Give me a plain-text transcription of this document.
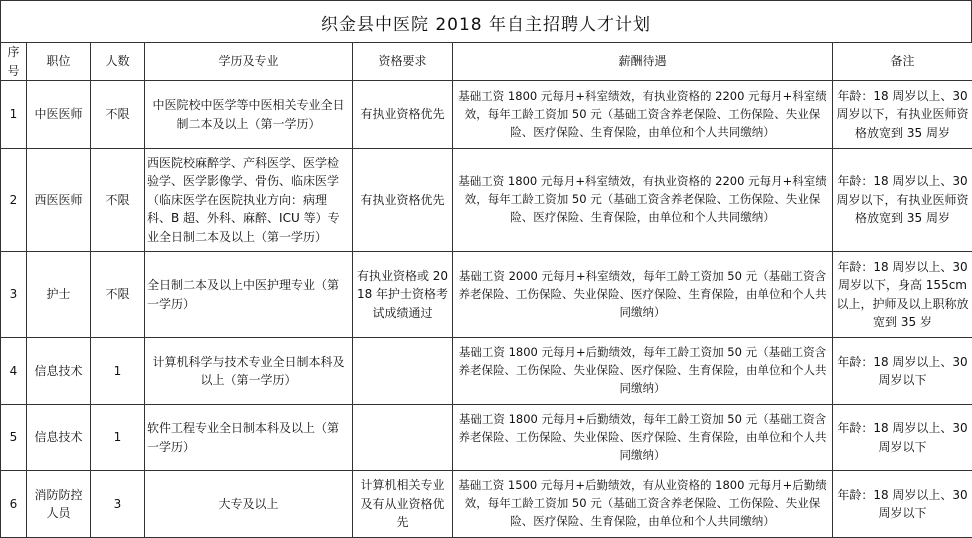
织金县中医院 2018 年自主招聘人才计划
序号	职位	人数	学历及专业	资格要求	薪酬待遇	备注
1	中医医师	不限	中医院校中医学等中医相关专业全日制二本及以上（第一学历）	有执业资格优先	基础工资 1800 元每月+科室绩效，有执业资格的 2200 元每月+科室绩效，每年工龄工资加 50 元（基础工资含养老保险、工伤保险、失业保险、医疗保险、生育保险，由单位和个人共同缴纳）	年龄：18 周岁以上、30 周岁以下，有执业医师资格放宽到 35 周岁
2	西医医师	不限	西医院校麻醉学、产科医学、医学检验学、医学影像学、骨伤、临床医学（临床医学在医院执业方向：病理科、B 超、外科、麻醉、ICU 等）专业全日制二本及以上（第一学历）	有执业资格优先	基础工资 1800 元每月+科室绩效，有执业资格的 2200 元每月+科室绩效，每年工龄工资加 50 元（基础工资含养老保险、工伤保险、失业保险、医疗保险、生育保险，由单位和个人共同缴纳）	年龄：18 周岁以上、30 周岁以下，有执业医师资格放宽到 35 周岁
3	护士	不限	全日制二本及以上中医护理专业（第一学历）	有执业资格或 2018 年护士资格考试成绩通过	基础工资 2000 元每月+科室绩效，每年工龄工资加 50 元（基础工资含养老保险、工伤保险、失业保险、医疗保险、生育保险，由单位和个人共同缴纳）	年龄：18 周岁以上、30 周岁以下，身高 155cm 以上，护师及以上职称放宽到 35 岁
4	信息技术	1	计算机科学与技术专业全日制本科及以上（第一学历）		基础工资 1800 元每月+后勤绩效，每年工龄工资加 50 元（基础工资含养老保险、工伤保险、失业保险、医疗保险、生育保险，由单位和个人共同缴纳）	年龄：18 周岁以上、30 周岁以下
5	信息技术	1	软件工程专业全日制本科及以上（第一学历）		基础工资 1800 元每月+后勤绩效，每年工龄工资加 50 元（基础工资含养老保险、工伤保险、失业保险、医疗保险、生育保险，由单位和个人共同缴纳）	年龄：18 周岁以上、30 周岁以下
6	消防防控人员	3	大专及以上	计算机相关专业及有从业资格优先	基础工资 1500 元每月+后勤绩效，有从业资格的 1800 元每月+后勤绩效，每年工龄工资加 50 元（基础工资含养老保险、工伤保险、失业保险、医疗保险、生育保险，由单位和个人共同缴纳）	年龄：18 周岁以上、30 周岁以下
